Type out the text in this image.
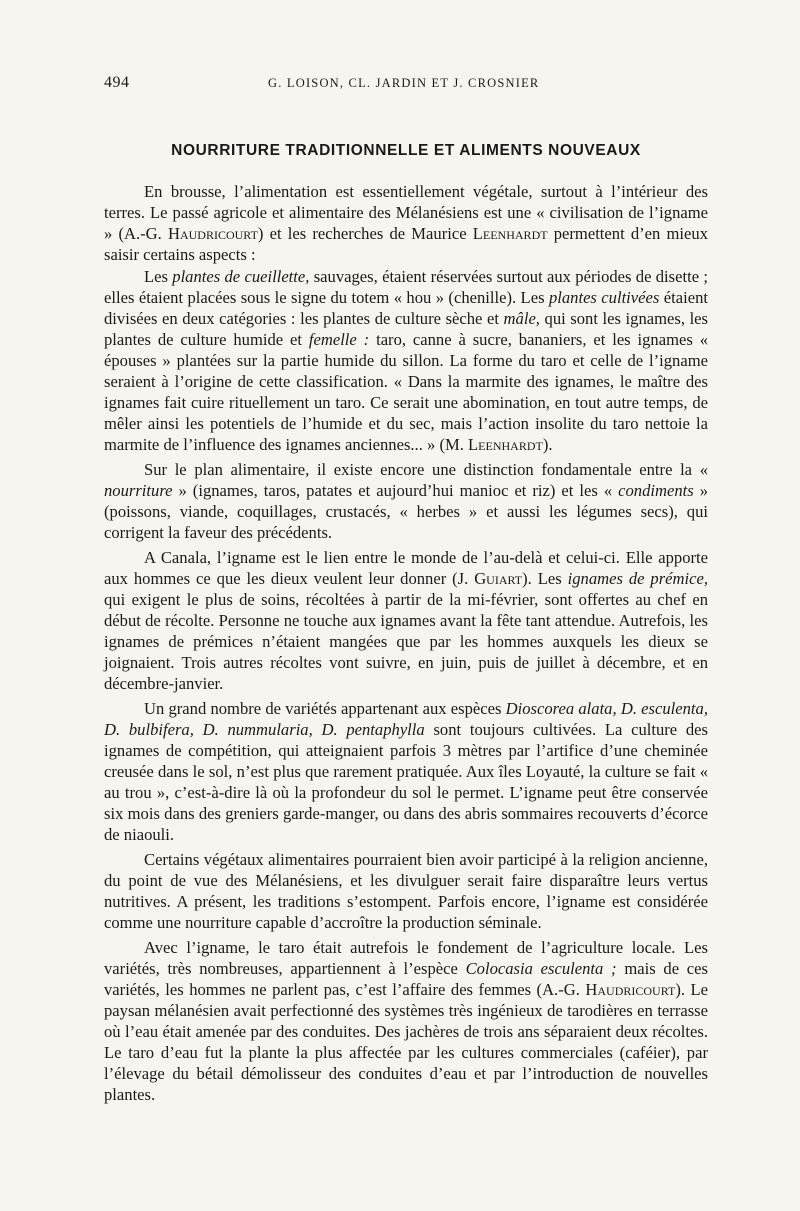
494	G. LOISON, CL. JARDIN ET J. CROSNIER
NOURRITURE TRADITIONNELLE ET ALIMENTS NOUVEAUX

En brousse, l’alimentation est essentiellement végétale, surtout à l’intérieur des terres. Le passé agricole et alimentaire des Mélanésiens est une « civilisation de l’igname » (A.-G. Haudricourt) et les recherches de Maurice Leenhardt permettent d’en mieux saisir certains aspects :

Les plantes de cueillette, sauvages, étaient réservées surtout aux périodes de disette ; elles étaient placées sous le signe du totem « hou » (chenille). Les plantes cultivées étaient divisées en deux catégories : les plantes de culture sèche et mâle, qui sont les ignames, les plantes de culture humide et femelle : taro, canne à sucre, bananiers, et les ignames « épouses » plantées sur la partie humide du sillon. La forme du taro et celle de l’igname seraient à l’origine de cette classification. « Dans la marmite des ignames, le maître des ignames fait cuire rituellement un taro. Ce serait une abomination, en tout autre temps, de mêler ainsi les potentiels de l’humide et du sec, mais l’action insolite du taro nettoie la marmite de l’influence des ignames anciennes... » (M. Leenhardt).

Sur le plan alimentaire, il existe encore une distinction fondamentale entre la « nourriture » (ignames, taros, patates et aujourd’hui manioc et riz) et les « condiments » (poissons, viande, coquillages, crustacés, « herbes » et aussi les légumes secs), qui corrigent la faveur des précédents.

A Canala, l’igname est le lien entre le monde de l’au-delà et celui-ci. Elle apporte aux hommes ce que les dieux veulent leur donner (J. Guiart). Les ignames de prémice, qui exigent le plus de soins, récoltées à partir de la mi-février, sont offertes au chef en début de récolte. Personne ne touche aux ignames avant la fête tant attendue. Autrefois, les ignames de prémices n’étaient mangées que par les hommes auxquels les dieux se joignaient. Trois autres récoltes vont suivre, en juin, puis de juillet à décembre, et en décembre-janvier.

Un grand nombre de variétés appartenant aux espèces Dioscorea alata, D. esculenta, D. bulbifera, D. nummularia, D. pentaphylla sont toujours cultivées. La culture des ignames de compétition, qui atteignaient parfois 3 mètres par l’artifice d’une cheminée creusée dans le sol, n’est plus que rarement pratiquée. Aux îles Loyauté, la culture se fait « au trou », c’est-à-dire là où la profondeur du sol le permet. L’igname peut être conservée six mois dans des greniers garde-manger, ou dans des abris sommaires recouverts d’écorce de niaouli.

Certains végétaux alimentaires pourraient bien avoir participé à la religion ancienne, du point de vue des Mélanésiens, et les divulguer serait faire disparaître leurs vertus nutritives. A présent, les traditions s’estompent. Parfois encore, l’igname est considérée comme une nourriture capable d’accroître la production séminale.

Avec l’igname, le taro était autrefois le fondement de l’agriculture locale. Les variétés, très nombreuses, appartiennent à l’espèce Colocasia esculenta ; mais de ces variétés, les hommes ne parlent pas, c’est l’affaire des femmes (A.-G. Haudricourt). Le paysan mélanésien avait perfectionné des systèmes très ingénieux de tarodières en terrasse où l’eau était amenée par des conduites. Des jachères de trois ans séparaient deux récoltes. Le taro d’eau fut la plante la plus affectée par les cultures commerciales (caféier), par l’élevage du bétail démolisseur des conduites d’eau et par l’introduction de nouvelles plantes.
